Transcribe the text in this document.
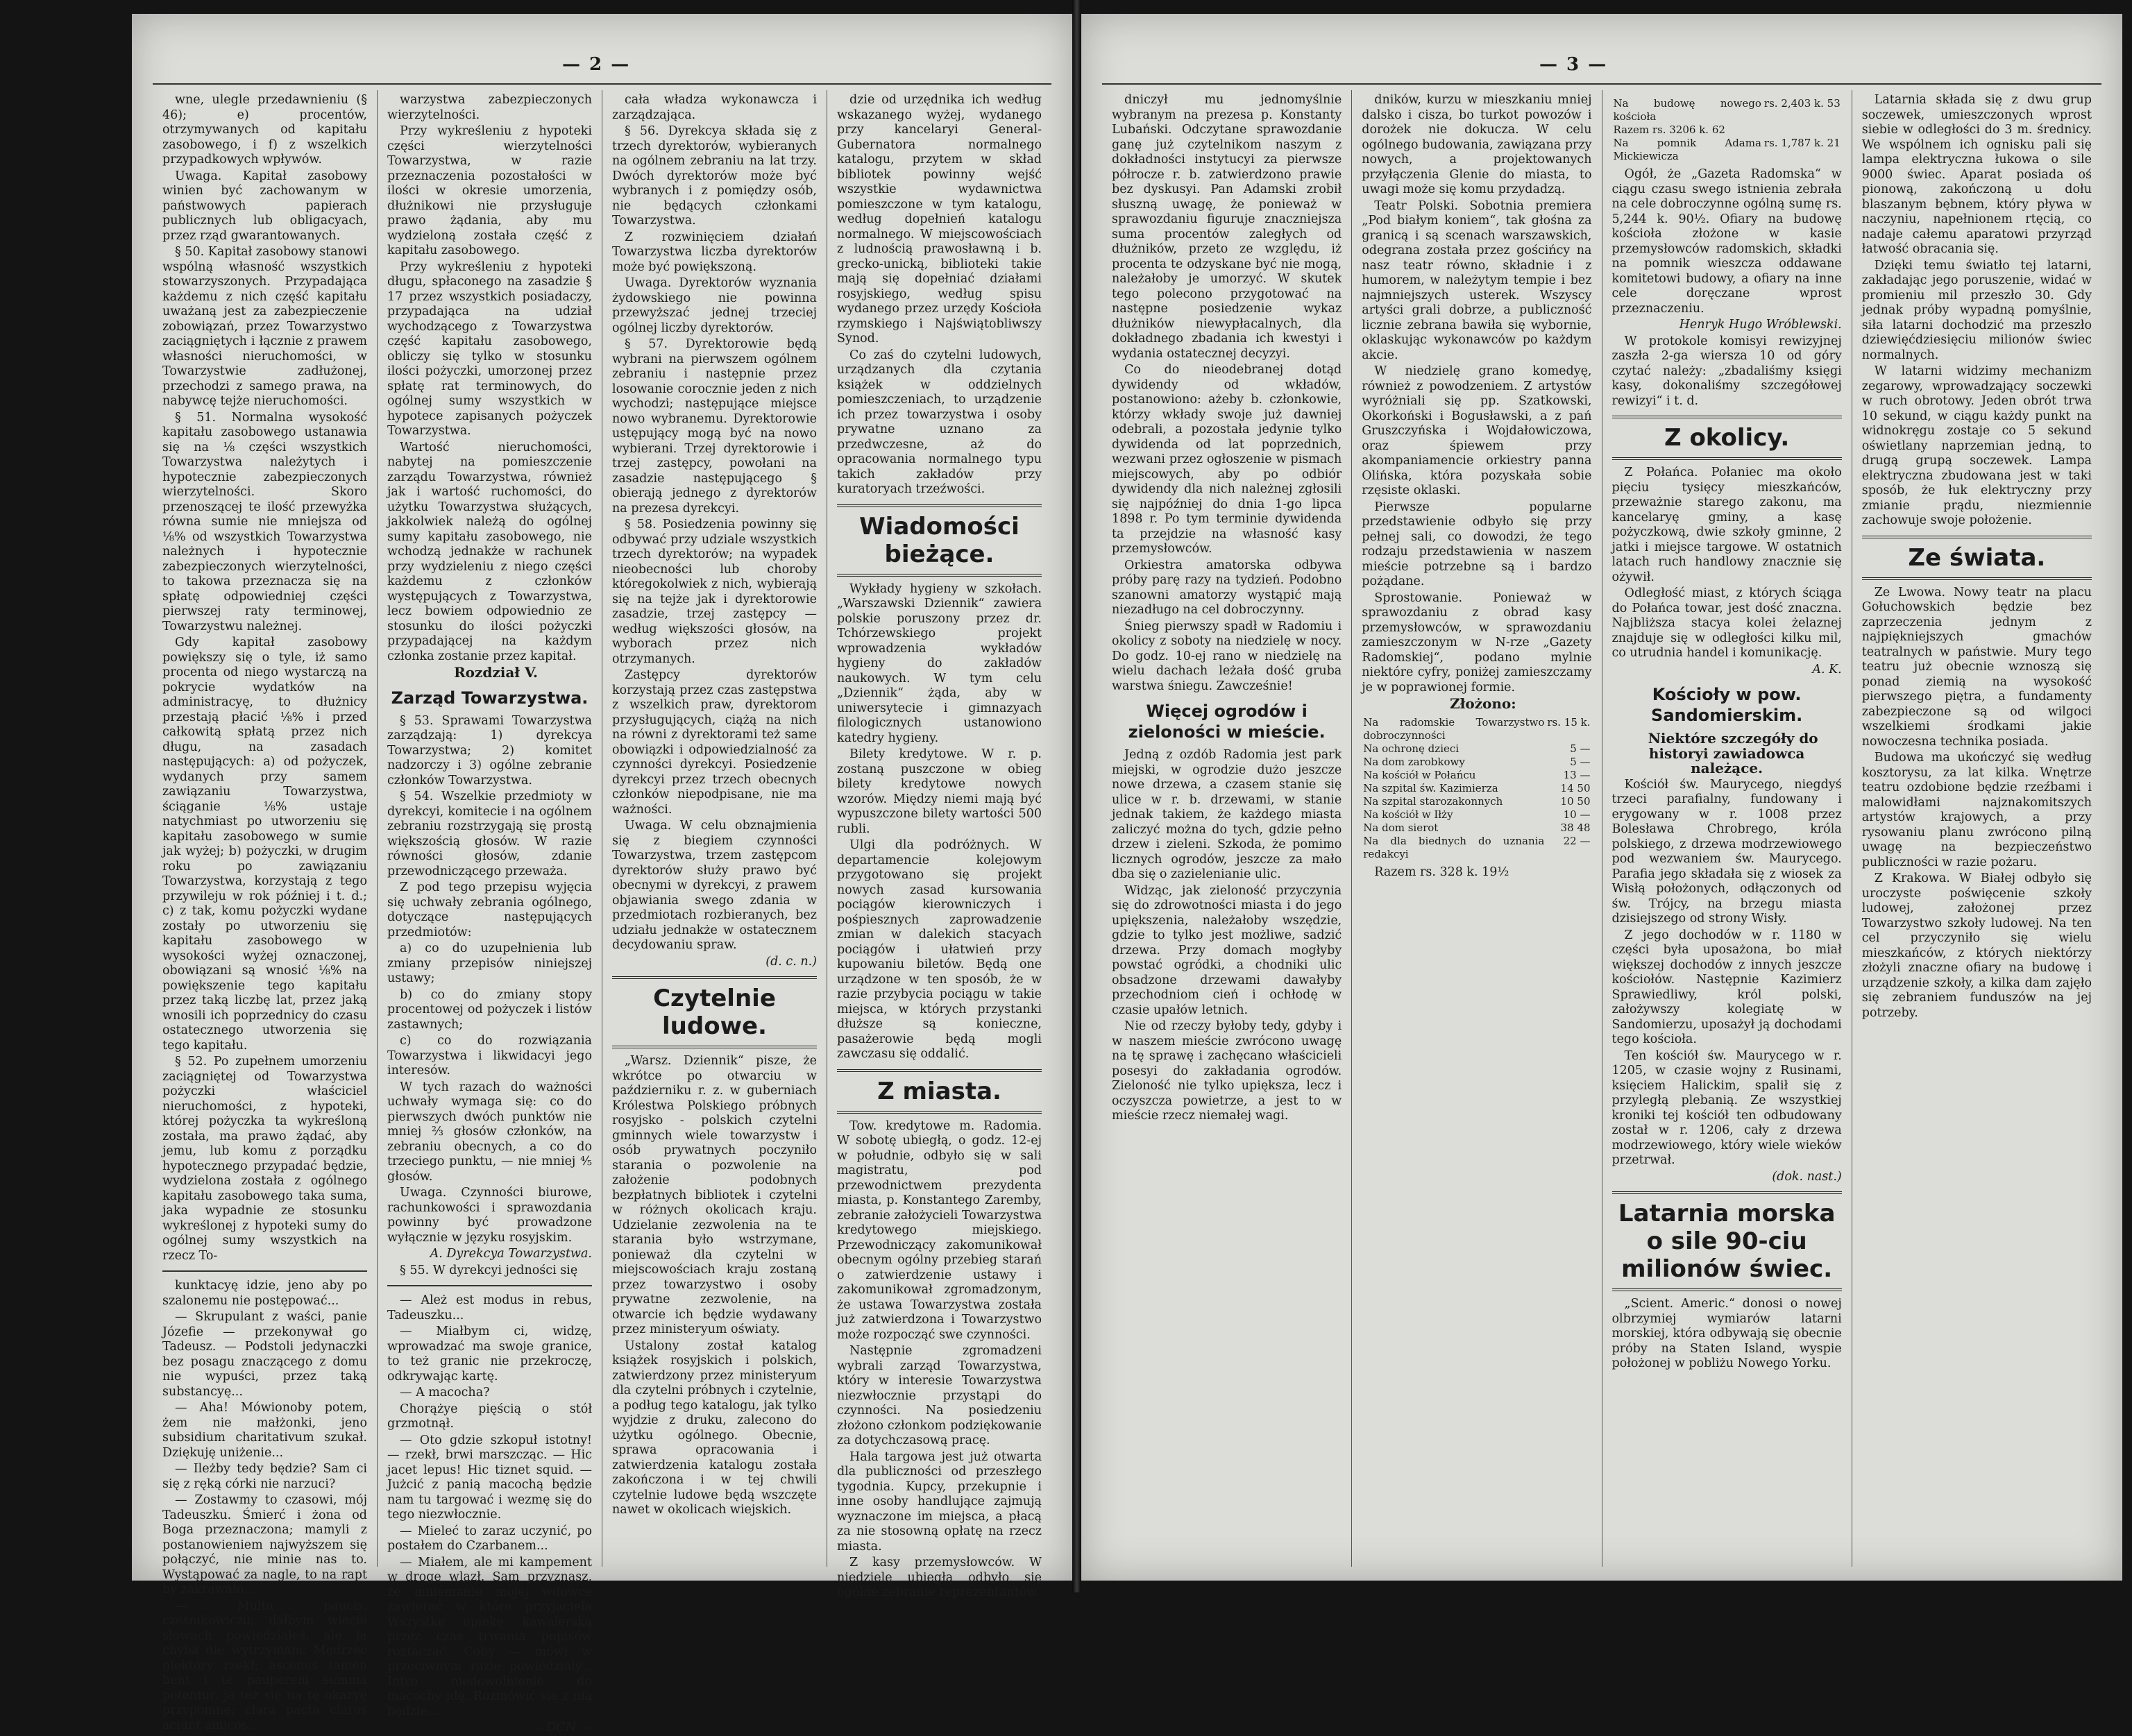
— 2 —

wne, ulegle przedawnieniu (§ 46); e) procentów, otrzymywanych od kapitału zasobowego, i f) z wszelkich przypadkowych wpływów.

Uwaga. Kapitał zasobowy winien być zachowanym w państwowych papierach publicznych lub obligacyach, przez rząd gwarantowanych.

§ 50. Kapitał zasobowy stanowi wspólną własność wszystkich stowarzyszonych. Przypadająca każdemu z nich część kapitału uważaną jest za zabezpieczenie zobowiązań, przez Towarzystwo zaciągniętych i łącznie z prawem własności nieruchomości, w Towarzystwie zadłużonej, przechodzi z samego prawa, na nabywcę tejże nieruchomości.

§ 51. Normalna wysokość kapitału zasobowego ustanawia się na ⅛ części wszystkich Towarzystwa należytych i hypotecznie zabezpieczonych wierzytelności. Skoro przenoszącej te ilość przewyżka równa sumie nie mniejsza od ⅛% od wszystkich Towarzystwa należnych i hypotecznie zabezpieczonych wierzytelności, to takowa przeznacza się na spłatę odpowiedniej części pierwszej raty terminowej, Towarzystwu należnej.

Gdy kapitał zasobowy powiększy się o tyle, iż samo procenta od niego wystarczą na pokrycie wydatków na administracyę, to dłużnicy przestają płacić ⅛% i przed całkowitą spłatą przez nich długu, na zasadach następujących: a) od pożyczek, wydanych przy samem zawiązaniu Towarzystwa, ściąganie ⅛% ustaje natychmiast po utworzeniu się kapitału zasobowego w sumie jak wyżej; b) pożyczki, w drugim roku po zawiązaniu Towarzystwa, korzystają z tego przywileju w rok później i t. d.; c) z tak, komu pożyczki wydane zostały po utworzeniu się kapitału zasobowego w wysokości wyżej oznaczonej, obowiązani są wnosić ⅛% na powiększenie tego kapitału przez taką liczbę lat, przez jaką wnosili ich poprzednicy do czasu ostatecznego utworzenia się tego kapitału.

§ 52. Po zupełnem umorzeniu zaciągniętej od Towarzystwa pożyczki właściciel nieruchomości, z hypoteki, której pożyczka ta wykreśloną została, ma prawo żądać, aby jemu, lub komu z porządku hypotecznego przypadać będzie, wydzielona została z ogólnego kapitału zasobowego taka suma, jaka wypadnie ze stosunku wykreślonej z hypoteki sumy do ogólnej sumy wszystkich na rzecz To-

kunktacyę idzie, jeno aby po szalonemu nie postępować...

— Skrupulant z waści, panie Józefie — przekonywał go Tadeusz. — Podstoli jedynaczki bez posagu znaczącego z domu nie wypuści, przez taką substancyę...

— Aha! Mówionoby potem, żem nie małżonki, jeno subsidium charitativum szukał. Dziękuję uniżenie...

— Ileżby tedy będzie? Sam ci się z ręką córki nie narzuci?

— Zostawmy to czasowi, mój Tadeuszku. Śmierć i żona od Boga przeznaczona; mamyli z postanowieniem najwyższem się połączyć, nie minie nas to. Wystąpować za nagle, to na rapt by zakrawało...

— Multa paucis, cześnikowiczu; dałbym wiecie słowach powiedziałeś, ale ja chyba nie wytrzymam. Mędrzec niektóry rzekł: ascenus tamen bent i te pauperem summa petentur, ja też się na tę okazyę przypomnę: clara pacta claros aciunt amicos.

warzystwa zabezpieczonych wierzytelności.

Przy wykreśleniu z hypoteki części wierzytelności Towarzystwa, w razie przeznaczenia pozostałości w ilości w okresie umorzenia, dłużnikowi nie przysługuje prawo żądania, aby mu wydzieloną została część z kapitału zasobowego.

Przy wykreśleniu z hypoteki długu, spłaconego na zasadzie § 17 przez wszystkich posiadaczy, przypadająca na udział wychodzącego z Towarzystwa część kapitału zasobowego, obliczy się tylko w stosunku ilości pożyczki, umorzonej przez spłatę rat terminowych, do ogólnej sumy wszystkich w hypotece zapisanych pożyczek Towarzystwa.

Wartość nieruchomości, nabytej na pomieszczenie zarządu Towarzystwa, również jak i wartość ruchomości, do użytku Towarzystwa służących, jakkolwiek należą do ogólnej sumy kapitału zasobowego, nie wchodzą jednakże w rachunek przy wydzieleniu z niego części każdemu z członków występujących z Towarzystwa, lecz bowiem odpowiednio ze stosunku do ilości pożyczki przypadającej na każdym członka zostanie przez kapitał.

Rozdział V.

Zarząd Towarzystwa.

§ 53. Sprawami Towarzystwa zarządzają: 1) dyrekcya Towarzystwa; 2) komitet nadzorczy i 3) ogólne zebranie członków Towarzystwa.

§ 54. Wszelkie przedmioty w dyrekcyi, komitecie i na ogólnem zebraniu rozstrzygają się prostą większością głosów. W razie równości głosów, zdanie przewodniczącego przeważa.

Z pod tego przepisu wyjęcia się uchwały zebrania ogólnego, dotyczące następujących przedmiotów:

a) co do uzupełnienia lub zmiany przepisów niniejszej ustawy;

b) co do zmiany stopy procentowej od pożyczek i listów zastawnych;

c) co do rozwiązania Towarzystwa i likwidacyi jego interesów.

W tych razach do ważności uchwały wymaga się: co do pierwszych dwóch punktów nie mniej ⅔ głosów członków, na zebraniu obecnych, a co do trzeciego punktu, — nie mniej ⅘ głosów.

Uwaga. Czynności biurowe, rachunkowości i sprawozdania powinny być prowadzone wyłącznie w języku rosyjskim.

A. Dyrekcya Towarzystwa.

§ 55. W dyrekcyi jedności się

— Ależ est modus in rebus, Tadeuszku...

— Miałbym ci, widzę, wprowadzać ma swoje granice, to też granic nie przekroczę, odkrywając kartę.

— A macocha?

Chorążye pięścią o stół grzmotnął.

— Oto gdzie szkopuł istotny! — rzekł, brwi marszcząc. — Hic jacet lepus! Hic tiznet squid. — Jużcić z panią macochą będzie nam tu targować i wezmę się do tego niezwłocznie.

— Mieleć to zaraz uczynić, po postałem do Czarbanem...

— Miałem, ale mi kampement w drogę wlazł. Sam przyznasz, że mniemanie mojej wdowce zawierać w które przyjaciela Wszystkę opiekę kawalerską przez czas trwania popisów roztaczać. Coby — mówi w przeciwnym razie powiedziały... Intro niedowolnienie do macochy idę. Rozmówić się z nią będzie...

— DCN —

cała władza wykonawcza i zarządzająca.

§ 56. Dyrekcya składa się z trzech dyrektorów, wybieranych na ogólnem zebraniu na lat trzy. Dwóch dyrektorów może być wybranych i z pomiędzy osób, nie będących członkami Towarzystwa.

Z rozwinięciem działań Towarzystwa liczba dyrektorów może być powiększoną.

Uwaga. Dyrektorów wyznania żydowskiego nie powinna przewyższać jednej trzeciej ogólnej liczby dyrektorów.

§ 57. Dyrektorowie będą wybrani na pierwszem ogólnem zebraniu i następnie przez losowanie corocznie jeden z nich wychodzi; następujące miejsce nowo wybranemu. Dyrektorowie ustępujący mogą być na nowo wybierani. Trzej dyrektorowie i trzej zastępcy, powołani na zasadzie następującego § obierają jednego z dyrektorów na prezesa dyrekcyi.

§ 58. Posiedzenia powinny się odbywać przy udziale wszystkich trzech dyrektorów; na wypadek nieobecności lub choroby któregokolwiek z nich, wybierają się na tejże jak i dyrektorowie zasadzie, trzej zastępcy — według większości głosów, na wyborach przez nich otrzymanych.

Zastępcy dyrektorów korzystają przez czas zastępstwa z wszelkich praw, dyrektorom przysługujących, ciążą na nich na równi z dyrektorami też same obowiązki i odpowiedzialność za czynności dyrekcyi. Posiedzenie dyrekcyi przez trzech obecnych członków niepodpisane, nie ma ważności.

Uwaga. W celu obznajmienia się z biegiem czynności Towarzystwa, trzem zastępcom dyrektorów służy prawo być obecnymi w dyrekcyi, z prawem objawiania swego zdania w przedmiotach rozbieranych, bez udziału jednakże w ostatecznem decydowaniu spraw.

(d. c. n.)

Czytelnie ludowe.

„Warsz. Dziennik“ pisze, że wkrótce po otwarciu w październiku r. z. w guberniach Królestwa Polskiego próbnych rosyjsko - polskich czytelni gminnych wiele towarzystw i osób prywatnych poczyniło starania o pozwolenie na założenie podobnych bezpłatnych bibliotek i czytelni w różnych okolicach kraju. Udzielanie zezwolenia na te starania było wstrzymane, ponieważ dla czytelni w miejscowościach kraju zostaną przez towarzystwo i osoby prywatne zezwolenie, na otwarcie ich będzie wydawany przez ministeryum oświaty.

Ustalony został katalog książek rosyjskich i polskich, zatwierdzony przez ministeryum dla czytelni próbnych i czytelnie, a podług tego katalogu, jak tylko wyjdzie z druku, zalecono do użytku ogólnego. Obecnie, sprawa opracowania i zatwierdzenia katalogu została zakończona i w tej chwili czytelnie ludowe będą wszczęte nawet w okolicach wiejskich.

dzie od urzędnika ich według wskazanego wyżej, wydanego przy kancelaryi General-Gubernatora normalnego katalogu, przytem w skład bibliotek powinny wejść wszystkie wydawnictwa pomieszczone w tym katalogu, według dopełnień katalogu normalnego. W miejscowościach z ludnością prawosławną i b. grecko-unicką, biblioteki takie mają się dopełniać działami rosyjskiego, według spisu wydanego przez urzędy Kościoła rzymskiego i Najświątobliwszy Synod.

Co zaś do czytelni ludowych, urządzanych dla czytania książek w oddzielnych pomieszczeniach, to urządzenie ich przez towarzystwa i osoby prywatne uznano za przedwczesne, aż do opracowania normalnego typu takich zakładów przy kuratoryach trzeźwości.

Wiadomości bieżące.

Wykłady hygieny w szkołach. „Warszawski Dziennik“ zawiera polskie poruszony przez dr. Tchórzewskiego projekt wprowadzenia wykładów hygieny do zakładów naukowych. W tym celu „Dziennik“ żąda, aby w uniwersytecie i gimnazyach filologicznych ustanowiono katedry hygieny.

Bilety kredytowe. W r. p. zostaną puszczone w obieg bilety kredytowe nowych wzorów. Między niemi mają być wypuszczone bilety wartości 500 rubli.

Ulgi dla podróżnych. W departamencie kolejowym przygotowano się projekt nowych zasad kursowania pociągów kierowniczych i pośpiesznych zaprowadzenie zmian w dalekich stacyach pociągów i ułatwień przy kupowaniu biletów. Będą one urządzone w ten sposób, że w razie przybycia pociągu w takie miejsca, w których przystanki dłuższe są konieczne, pasażerowie będą mogli zawczasu się oddalić.

Z miasta.

Tow. kredytowe m. Radomia. W sobotę ubiegłą, o godz. 12-ej w południe, odbyło się w sali magistratu, pod przewodnictwem prezydenta miasta, p. Konstantego Zaremby, zebranie założycieli Towarzystwa kredytowego miejskiego. Przewodniczący zakomunikował obecnym ogólny przebieg starań o zatwierdzenie ustawy i zakomunikował zgromadzonym, że ustawa Towarzystwa została już zatwierdzona i Towarzystwo może rozpocząć swe czynności.

Następnie zgromadzeni wybrali zarząd Towarzystwa, który w interesie Towarzystwa niezwłocznie przystąpi do czynności. Na posiedzeniu złożono członkom podziękowanie za dotychczasową pracę.

Hala targowa jest już otwarta dla publiczności od przeszłego tygodnia. Kupcy, przekupnie i inne osoby handlujące zajmują wyznaczone im miejsca, a płacą za nie stosowną opłatę na rzecz miasta.

Z kasy przemysłowców. W niedzielę ubiegłą odbyło się ogólne zebranie reprezentantów.

— 3 —

dniczył mu jednomyślnie wybranym na prezesa p. Konstanty Lubański. Odczytane sprawozdanie ganę już czytelnikom naszym z dokładności instytucyi za pierwsze półrocze r. b. zatwierdzono prawie bez dyskusyi. Pan Adamski zrobił słuszną uwagę, że ponieważ w sprawozdaniu figuruje znaczniejsza suma procentów zaległych od dłużników, przeto ze względu, iż procenta te odzyskane być nie mogą, należałoby je umorzyć. W skutek tego polecono przygotować na następne posiedzenie wykaz dłużników niewypłacalnych, dla dokładnego zbadania ich kwestyi i wydania ostatecznej decyzyi.

Co do nieodebranej dotąd dywidendy od wkładów, postanowiono: ażeby b. członkowie, którzy wkłady swoje już dawniej odebrali, a pozostała jedynie tylko dywidenda od lat poprzednich, wezwani przez ogłoszenie w pismach miejscowych, aby po odbiór dywidendy dla nich należnej zgłosili się najpóźniej do dnia 1-go lipca 1898 r. Po tym terminie dywidenda ta przejdzie na własność kasy przemysłowców.

Orkiestra amatorska odbywa próby parę razy na tydzień. Podobno szanowni amatorzy wystąpić mają niezadługo na cel dobroczynny.

Śnieg pierwszy spadł w Radomiu i okolicy z soboty na niedzielę w nocy. Do godz. 10-ej rano w niedzielę na wielu dachach leżała dość gruba warstwa śniegu. Zawcześnie!

Więcej ogrodów i zieloności w mieście.

Jedną z ozdób Radomia jest park miejski, w ogrodzie dużo jeszcze nowe drzewa, a czasem stanie się ulice w r. b. drzewami, w stanie jednak takiem, że każdego miasta zaliczyć można do tych, gdzie pełno drzew i zieleni. Szkoda, że pomimo licznych ogrodów, jeszcze za mało dba się o zazielenianie ulic.

Widząc, jak zieloność przyczynia się do zdrowotności miasta i do jego upiększenia, należałoby wszędzie, gdzie to tylko jest możliwe, sadzić drzewa. Przy domach mogłyby powstać ogródki, a chodniki ulic obsadzone drzewami dawałyby przechodniom cień i ochłodę w czasie upałów letnich.

Nie od rzeczy byłoby tedy, gdyby i w naszem mieście zwrócono uwagę na tę sprawę i zachęcano właścicieli posesyi do zakładania ogrodów. Zieloność nie tylko upiększa, lecz i oczyszcza powietrze, a jest to w mieście rzecz niemałej wagi.

dników, kurzu w mieszkaniu mniej dalsko i cisza, bo turkot powozów i dorożek nie dokucza. W celu ogólnego budowania, zawiązana przy nowych, a projektowanych przyłączenia Glenie do miasta, to uwagi może się komu przydadzą.

Teatr Polski. Sobotnia premiera „Pod białym koniem“, tak głośna za granicą i są scenach warszawskich, odegrana została przez gościńcy na nasz teatr równo, składnie i z humorem, w należytym tempie i bez najmniejszych usterek. Wszyscy artyści grali dobrze, a publiczność licznie zebrana bawiła się wybornie, oklaskując wykonawców po każdym akcie.

W niedzielę grano komedyę, również z powodzeniem. Z artystów wyróżniali się pp. Szatkowski, Okorkoński i Bogusławski, a z pań Gruszczyńska i Wojdałowiczowa, oraz śpiewem przy akompaniamencie orkiestry panna Olińska, która pozyskała sobie rzęsiste oklaski.

Pierwsze popularne przedstawienie odbyło się przy pełnej sali, co dowodzi, że tego rodzaju przedstawienia w naszem mieście potrzebne są i bardzo pożądane.

Sprostowanie. Ponieważ w sprawozdaniu z obrad kasy przemysłowców, w sprawozdaniu zamieszczonym w N-rze „Gazety Radomskiej“, podano mylnie niektóre cyfry, poniżej zamieszczamy je w poprawionej formie.

Złożono:

Na radomskie Towarzystwo dobroczynności	rs. 15 k.
Na ochronę dzieci	5 —
Na dom zarobkowy	5 —
Na kościół w Połańcu	13 —
Na szpital św. Kazimierza	14 50
Na szpital starozakonnych	10 50
Na kościół w Iłży	10 —
Na dom sierot	38 48
Na dla biednych do uznania redakcyi	22 —

Razem rs. 328 k. 19½

Na budowę nowego kościoła	rs. 2,403 k. 53
Razem rs. 3206 k. 62	
Na pomnik Adama Mickiewicza	rs. 1,787 k. 21

Ogół, że „Gazeta Radomska“ w ciągu czasu swego istnienia zebrała na cele dobroczynne ogólną sumę rs. 5,244 k. 90½. Ofiary na budowę kościoła złożone w kasie przemysłowców radomskich, składki na pomnik wieszcza oddawane komitetowi budowy, a ofiary na inne cele doręczane wprost przeznaczeniu.

Henryk Hugo Wróblewski.

W protokole komisyi rewizyjnej zaszła 2-ga wiersza 10 od góry czytać należy: „zbadaliśmy księgi kasy, dokonaliśmy szczegółowej rewizyi“ i t. d.

Z okolicy.

Z Połańca. Połaniec ma około pięciu tysięcy mieszkańców, przeważnie starego zakonu, ma kancelaryę gminy, a kasę pożyczkową, dwie szkoły gminne, 2 jatki i miejsce targowe. W ostatnich latach ruch handlowy znacznie się ożywił.

Odległość miast, z których ściąga do Połańca towar, jest dość znaczna. Najbliższa stacya kolei żelaznej znajduje się w odległości kilku mil, co utrudnia handel i komunikację.

A. K.

Kościoły w pow. Sandomierskim.

Niektóre szczegóły do historyi zawiadowca należące.

Kościół św. Maurycego, niegdyś trzeci parafialny, fundowany i erygowany w r. 1008 przez Bolesława Chrobrego, króla polskiego, z drzewa modrzewiowego pod wezwaniem św. Maurycego. Parafia jego składała się z wiosek za Wisłą położonych, odłączonych od św. Trójcy, na brzegu miasta dzisiejszego od strony Wisły.

Z jego dochodów w r. 1180 w części była uposażona, bo miał większej dochodów z innych jeszcze kościołów. Następnie Kazimierz Sprawiedliwy, król polski, założywszy kolegiatę w Sandomierzu, uposażył ją dochodami tego kościoła.

Ten kościół św. Maurycego w r. 1205, w czasie wojny z Rusinami, księciem Halickim, spalił się z przyległą plebanią. Ze wszystkiej kroniki tej kościół ten odbudowany został w r. 1206, cały z drzewa modrzewiowego, który wiele wieków przetrwał.

(dok. nast.)

Latarnia morska o sile 90-ciu milionów świec.

„Scient. Americ.“ donosi o nowej olbrzymiej wymiarów latarni morskiej, która odbywają się obecnie próby na Staten Island, wyspie położonej w pobliżu Nowego Yorku.

Latarnia składa się z dwu grup soczewek, umieszczonych wprost siebie w odległości do 3 m. średnicy. We wspólnem ich ognisku pali się lampa elektryczna łukowa o sile 9000 świec. Aparat posiada oś pionową, zakończoną u dołu blaszanym bębnem, który pływa w naczyniu, napełnionem rtęcią, co nadaje całemu aparatowi przyrząd łatwość obracania się.

Dzięki temu światło tej latarni, zakładając jego poruszenie, widać w promieniu mil przeszło 30. Gdy jednak próby wypadną pomyślnie, siła latarni dochodzić ma przeszło dziewięćdziesięciu milionów świec normalnych.

W latarni widzimy mechanizm zegarowy, wprowadzający soczewki w ruch obrotowy. Jeden obrót trwa 10 sekund, w ciągu każdy punkt na widnokręgu zostaje co 5 sekund oświetlany naprzemian jedną, to drugą grupą soczewek. Lampa elektryczna zbudowana jest w taki sposób, że łuk elektryczny przy zmianie prądu, niezmiennie zachowuje swoje położenie.

Ze świata.

Ze Lwowa. Nowy teatr na placu Gołuchowskich będzie bez zaprzeczenia jednym z najpiękniejszych gmachów teatralnych w państwie. Mury tego teatru już obecnie wznoszą się ponad ziemią na wysokość pierwszego piętra, a fundamenty zabezpieczone są od wilgoci wszelkiemi środkami jakie nowoczesna technika posiada.

Budowa ma ukończyć się według kosztorysu, za lat kilka. Wnętrze teatru ozdobione będzie rzeźbami i malowidłami najznakomitszych artystów krajowych, a przy rysowaniu planu zwrócono pilną uwagę na bezpieczeństwo publiczności w razie pożaru.

Z Krakowa. W Białej odbyło się uroczyste poświęcenie szkoły ludowej, założonej przez Towarzystwo szkoły ludowej. Na ten cel przyczyniło się wielu mieszkańców, z których niektórzy złożyli znaczne ofiary na budowę i urządzenie szkoły, a kilka dam zajęło się zebraniem funduszów na jej potrzeby.
